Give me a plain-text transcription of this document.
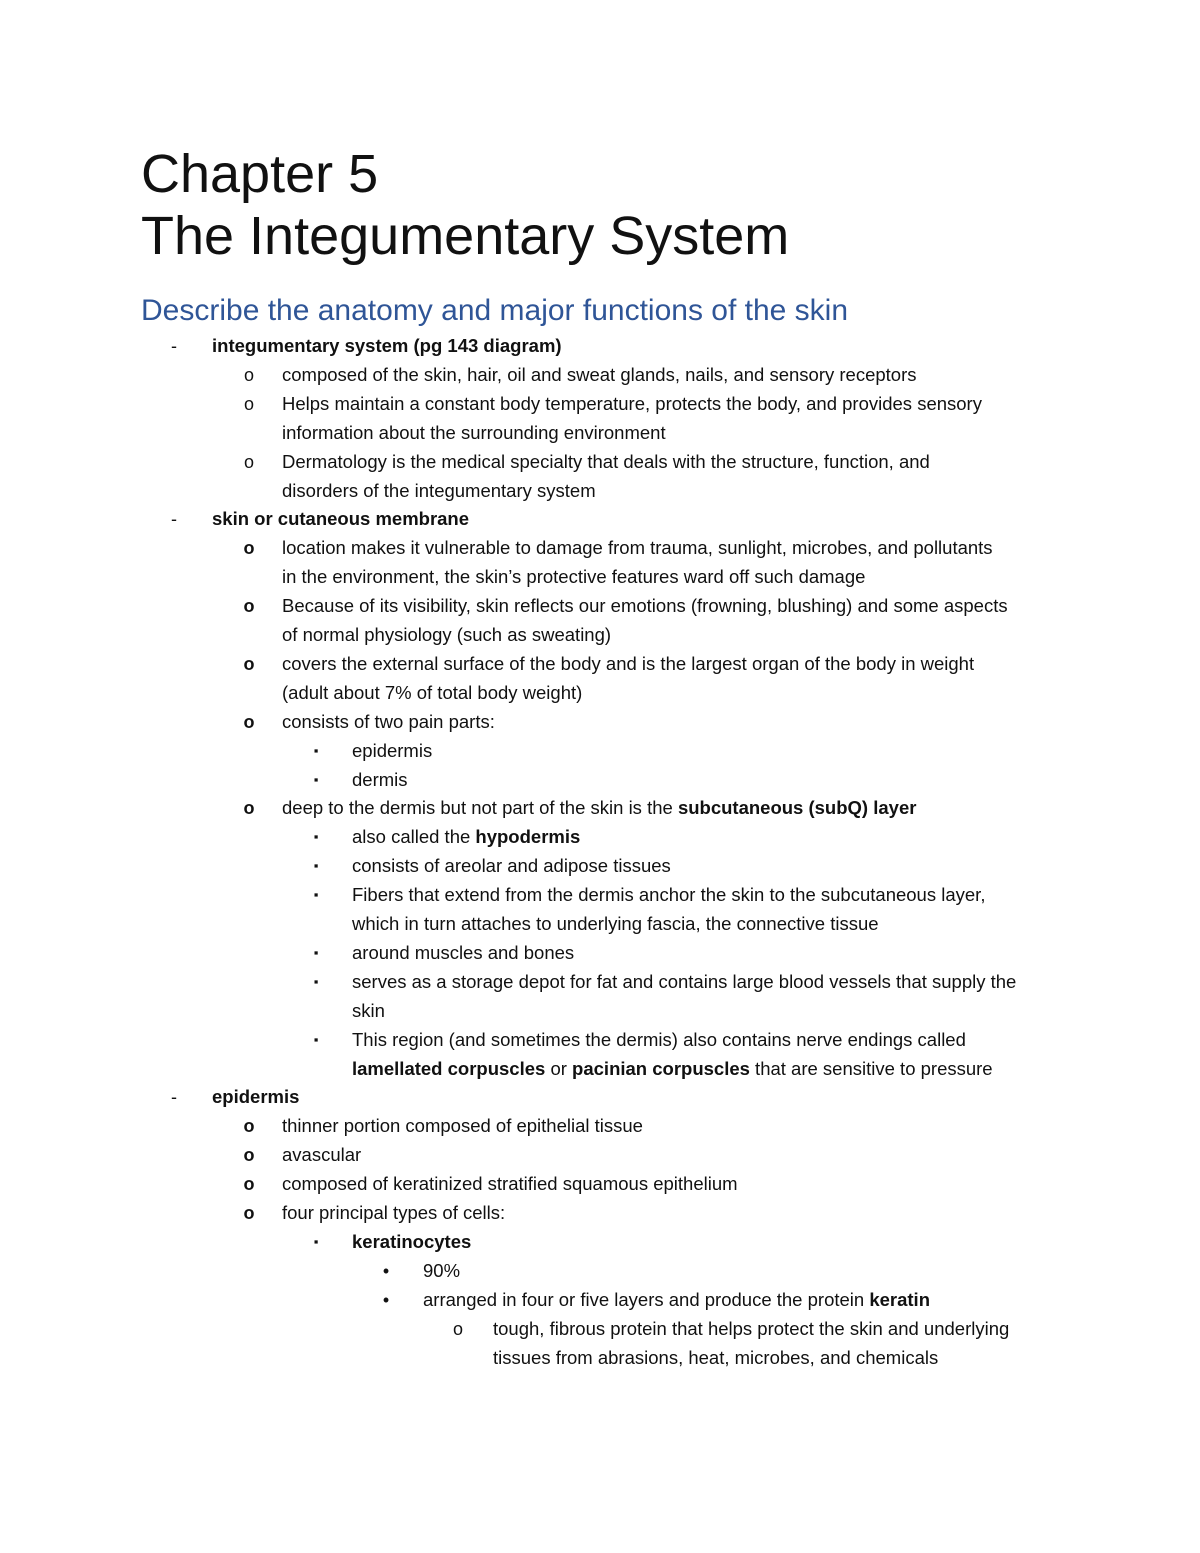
Chapter 5
The Integumentary System
Describe the anatomy and major functions of the skin
-	integumentary system (pg 143 diagram)
o	composed of the skin, hair, oil and sweat glands, nails, and sensory receptors
o	Helps maintain a constant body temperature, protects the body, and provides sensory
information about the surrounding environment
o	Dermatology is the medical specialty that deals with the structure, function, and
disorders of the integumentary system
-	skin or cutaneous membrane
o	location makes it vulnerable to damage from trauma, sunlight, microbes, and pollutants
in the environment, the skin’s protective features ward off such damage
o	Because of its visibility, skin reflects our emotions (frowning, blushing) and some aspects
of normal physiology (such as sweating)
o	covers the external surface of the body and is the largest organ of the body in weight
(adult about 7% of total body weight)
o	consists of two pain parts:
▪	epidermis
▪	dermis
o	deep to the dermis but not part of the skin is the subcutaneous (subQ) layer
▪	also called the hypodermis
▪	consists of areolar and adipose tissues
▪	Fibers that extend from the dermis anchor the skin to the subcutaneous layer,
which in turn attaches to underlying fascia, the connective tissue
▪	around muscles and bones
▪	serves as a storage depot for fat and contains large blood vessels that supply the
skin
▪	This region (and sometimes the dermis) also contains nerve endings called
lamellated corpuscles or pacinian corpuscles that are sensitive to pressure
-	epidermis
o	thinner portion composed of epithelial tissue
o	avascular
o	composed of keratinized stratified squamous epithelium
o	four principal types of cells:
▪	keratinocytes
•	90%
•	arranged in four or five layers and produce the protein keratin
o	tough, fibrous protein that helps protect the skin and underlying
tissues from abrasions, heat, microbes, and chemicals
